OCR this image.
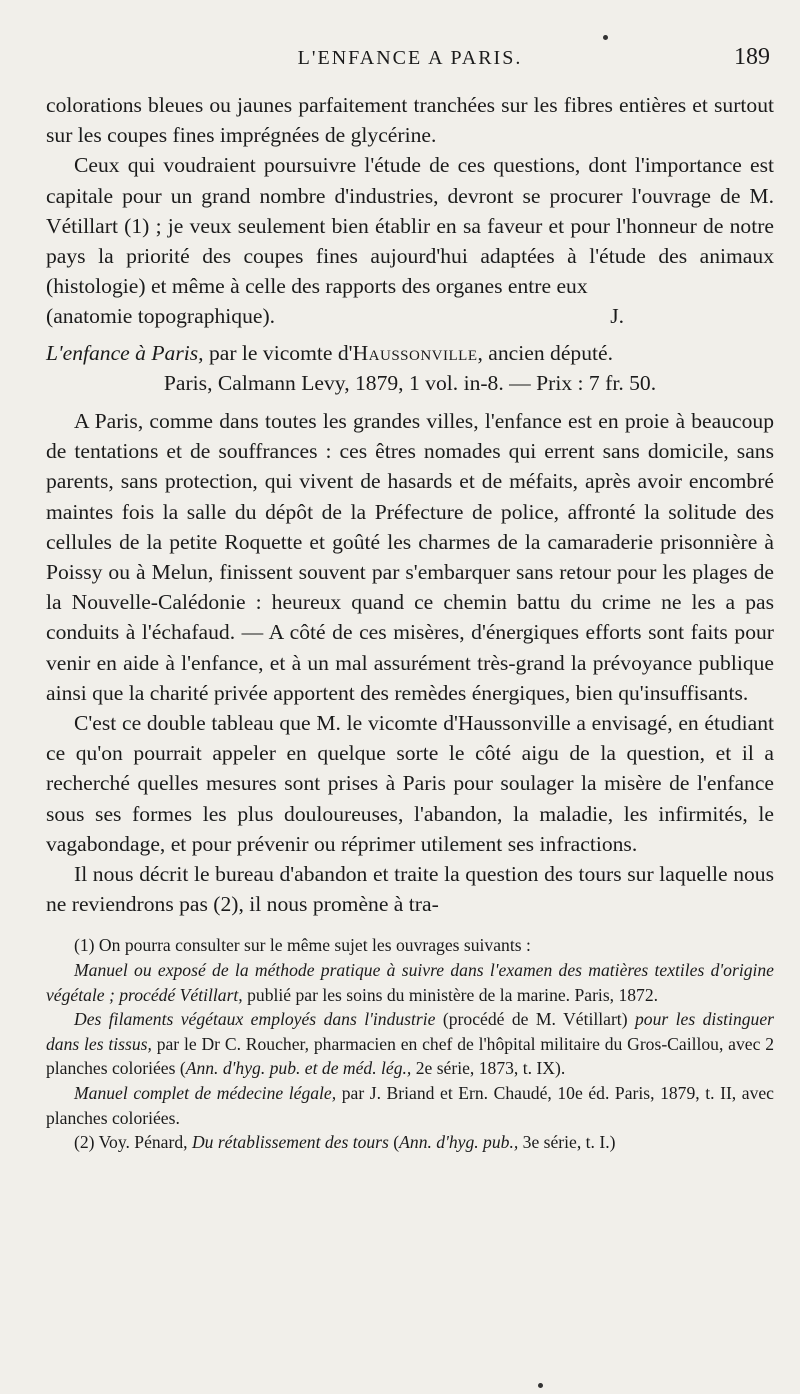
L'ENFANCE A PARIS.	189

colorations bleues ou jaunes parfaitement tranchées sur les fibres entières et surtout sur les coupes fines imprégnées de glycérine.

Ceux qui voudraient poursuivre l'étude de ces questions, dont l'importance est capitale pour un grand nombre d'industries, devront se procurer l'ouvrage de M. Vétillart (1) ; je veux seulement bien établir en sa faveur et pour l'honneur de notre pays la priorité des coupes fines aujourd'hui adaptées à l'étude des animaux (histologie) et même à celle des rapports des organes entre eux

(anatomie topographique).	J.

L'enfance à Paris, par le vicomte d'Haussonville, ancien député.

Paris, Calmann Levy, 1879, 1 vol. in-8. — Prix : 7 fr. 50.

A Paris, comme dans toutes les grandes villes, l'enfance est en proie à beaucoup de tentations et de souffrances : ces êtres nomades qui errent sans domicile, sans parents, sans protection, qui vivent de hasards et de méfaits, après avoir encombré maintes fois la salle du dépôt de la Préfecture de police, affronté la solitude des cellules de la petite Roquette et goûté les charmes de la camaraderie prisonnière à Poissy ou à Melun, finissent souvent par s'embarquer sans retour pour les plages de la Nouvelle-Calédonie : heureux quand ce chemin battu du crime ne les a pas conduits à l'échafaud. — A côté de ces misères, d'énergiques efforts sont faits pour venir en aide à l'enfance, et à un mal assurément très-grand la prévoyance publique ainsi que la charité privée apportent des remèdes énergiques, bien qu'insuffisants.

C'est ce double tableau que M. le vicomte d'Haussonville a envisagé, en étudiant ce qu'on pourrait appeler en quelque sorte le côté aigu de la question, et il a recherché quelles mesures sont prises à Paris pour soulager la misère de l'enfance sous ses formes les plus douloureuses, l'abandon, la maladie, les infirmités, le vagabondage, et pour prévenir ou réprimer utilement ses infractions.

Il nous décrit le bureau d'abandon et traite la question des tours sur laquelle nous ne reviendrons pas (2), il nous promène à tra-

(1) On pourra consulter sur le même sujet les ouvrages suivants :

Manuel ou exposé de la méthode pratique à suivre dans l'examen des matières textiles d'origine végétale ; procédé Vétillart, publié par les soins du ministère de la marine. Paris, 1872.

Des filaments végétaux employés dans l'industrie (procédé de M. Vétillart) pour les distinguer dans les tissus, par le Dr C. Roucher, pharmacien en chef de l'hôpital militaire du Gros-Caillou, avec 2 planches coloriées (Ann. d'hyg. pub. et de méd. lég., 2e série, 1873, t. IX).

Manuel complet de médecine légale, par J. Briand et Ern. Chaudé, 10e éd. Paris, 1879, t. II, avec planches coloriées.

(2) Voy. Pénard, Du rétablissement des tours (Ann. d'hyg. pub., 3e série, t. I.)
